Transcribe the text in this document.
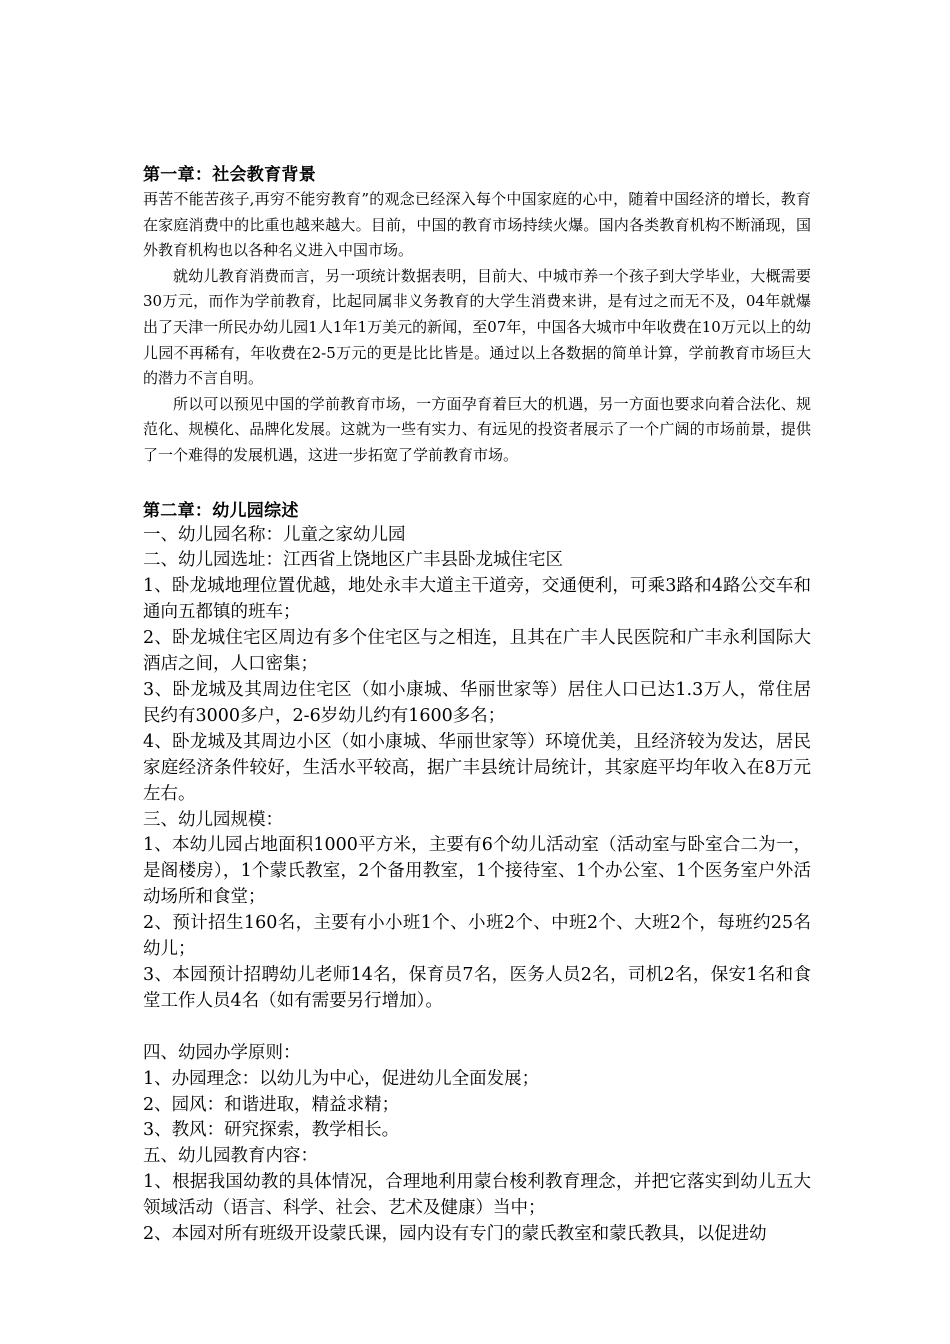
第一章：社会教育背景

再苦不能苦孩子,再穷不能穷教育”的观念已经深入每个中国家庭的心中，随着中国经济的增长，教育在家庭消费中的比重也越来越大。目前，中国的教育市场持续火爆。国内各类教育机构不断涌现，国外教育机构也以各种名义进入中国市场。

就幼儿教育消费而言，另一项统计数据表明，目前大、中城市养一个孩子到大学毕业，大概需要30万元，而作为学前教育，比起同属非义务教育的大学生消费来讲，是有过之而无不及，04年就爆出了天津一所民办幼儿园1人1年1万美元的新闻，至07年，中国各大城市中年收费在10万元以上的幼儿园不再稀有，年收费在2-5万元的更是比比皆是。通过以上各数据的简单计算，学前教育市场巨大的潜力不言自明。

所以可以预见中国的学前教育市场，一方面孕育着巨大的机遇，另一方面也要求向着合法化、规范化、规模化、品牌化发展。这就为一些有实力、有远见的投资者展示了一个广阔的市场前景，提供了一个难得的发展机遇，这进一步拓宽了学前教育市场。

第二章：幼儿园综述

一、幼儿园名称：儿童之家幼儿园

二、幼儿园选址：江西省上饶地区广丰县卧龙城住宅区

1、卧龙城地理位置优越，地处永丰大道主干道旁，交通便利，可乘3路和4路公交车和通向五都镇的班车；

2、卧龙城住宅区周边有多个住宅区与之相连，且其在广丰人民医院和广丰永利国际大酒店之间，人口密集；

3、卧龙城及其周边住宅区（如小康城、华丽世家等）居住人口已达1.3万人，常住居民约有3000多户，2-6岁幼儿约有1600多名；

4、卧龙城及其周边小区（如小康城、华丽世家等）环境优美，且经济较为发达，居民家庭经济条件较好，生活水平较高，据广丰县统计局统计，其家庭平均年收入在8万元左右。

三、幼儿园规模：

1、本幼儿园占地面积1000平方米，主要有6个幼儿活动室（活动室与卧室合二为一，是阁楼房），1个蒙氏教室，2个备用教室，1个接待室、1个办公室、1个医务室户外活动场所和食堂；

2、预计招生160名，主要有小小班1个、小班2个、中班2个、大班2个，每班约25名幼儿；

3、本园预计招聘幼儿老师14名，保育员7名，医务人员2名，司机2名，保安1名和食堂工作人员4名（如有需要另行增加）。

四、幼园办学原则：

1、办园理念：以幼儿为中心，促进幼儿全面发展；

2、园风：和谐进取，精益求精；

3、教风：研究探索，教学相长。

五、幼儿园教育内容：

1、根据我国幼教的具体情况，合理地利用蒙台梭利教育理念，并把它落实到幼儿五大领域活动（语言、科学、社会、艺术及健康）当中；

2、本园对所有班级开设蒙氏课，园内设有专门的蒙氏教室和蒙氏教具，以促进幼
